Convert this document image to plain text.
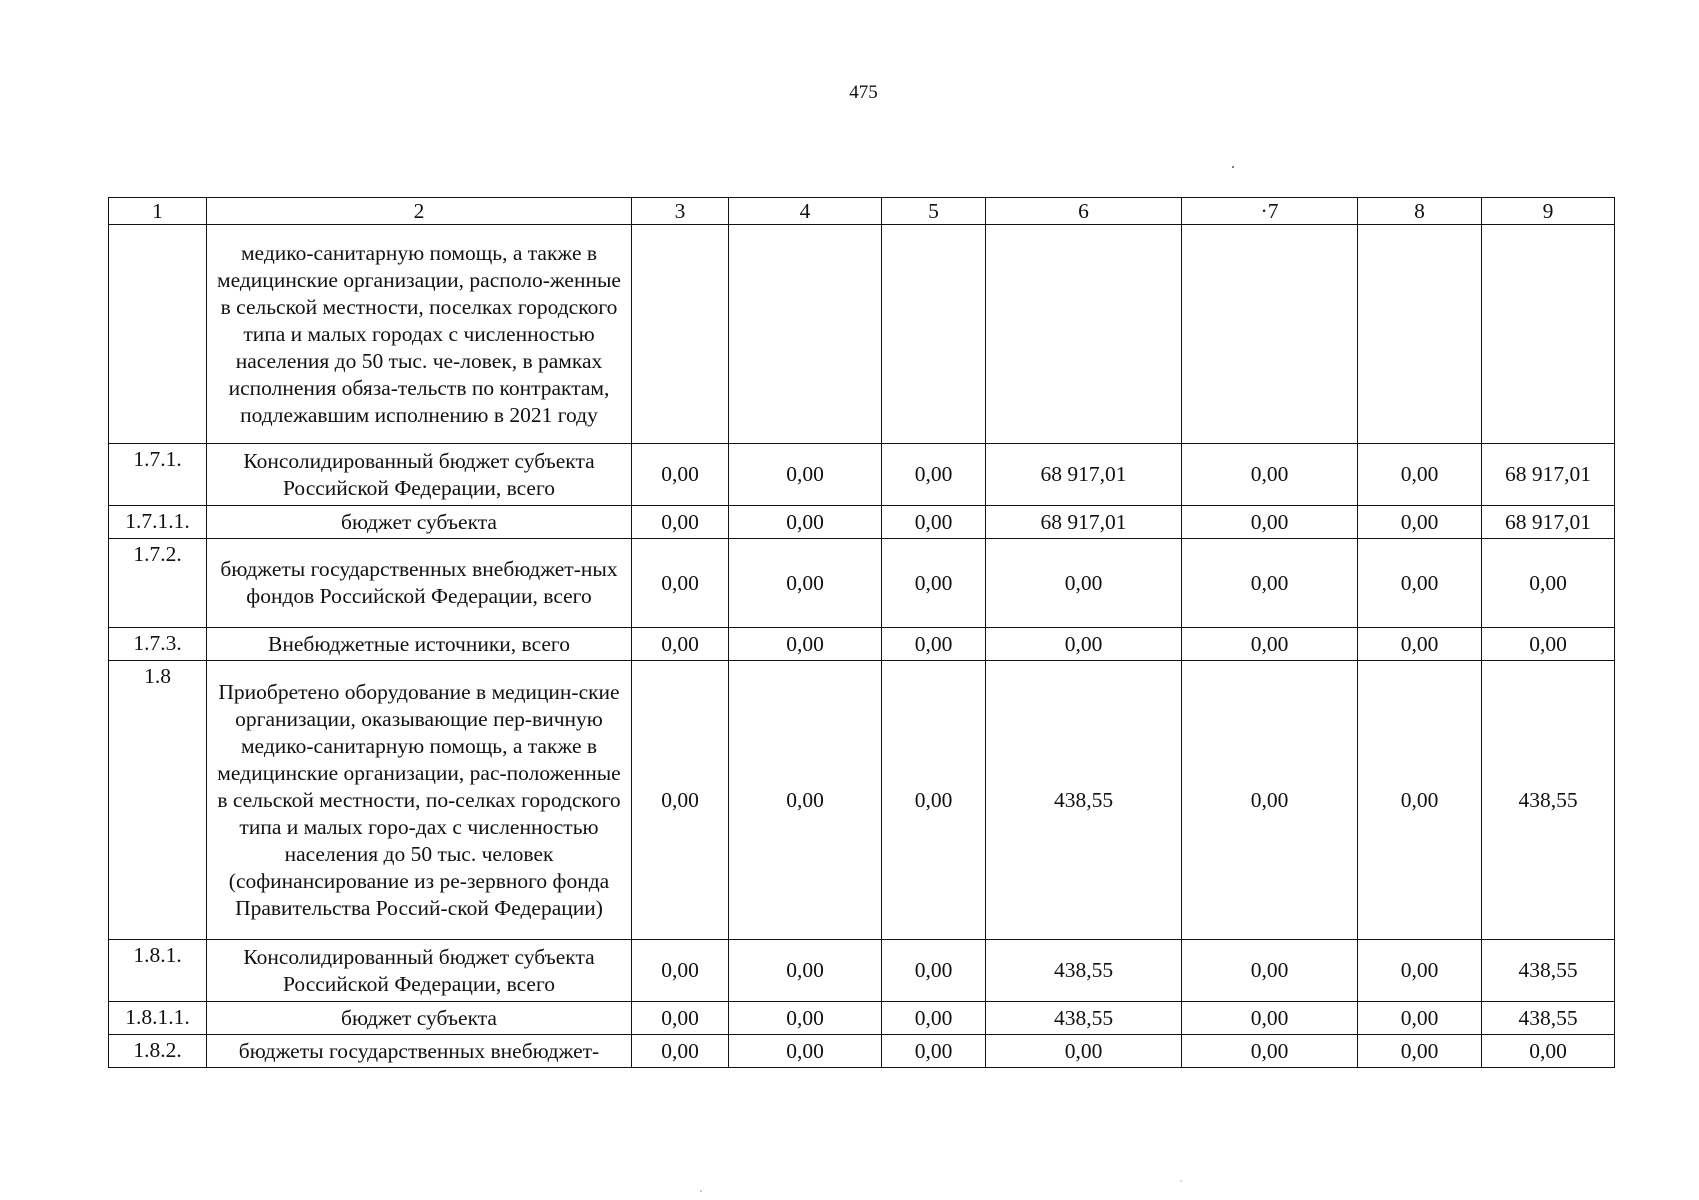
475
1	2	3	4	5	6	·7	8	9
	медико-санитарную помощь, а также в медицинские организации, располо-женные в сельской местности, поселках городского типа и малых городах с численностью населения до 50 тыс. че-ловек, в рамках исполнения обяза-тельств по контрактам, подлежавшим исполнению в 2021 году							
1.7.1.	Консолидированный бюджет субъекта Российской Федерации, всего	0,00	0,00	0,00	68 917,01	0,00	0,00	68 917,01
1.7.1.1.	бюджет субъекта	0,00	0,00	0,00	68 917,01	0,00	0,00	68 917,01
1.7.2.	бюджеты государственных внебюджет-ных фондов Российской Федерации, всего	0,00	0,00	0,00	0,00	0,00	0,00	0,00
1.7.3.	Внебюджетные источники, всего	0,00	0,00	0,00	0,00	0,00	0,00	0,00
1.8	Приобретено оборудование в медицин-ские организации, оказывающие пер-вичную медико-санитарную помощь, а также в медицинские организации, рас-положенные в сельской местности, по-селках городского типа и малых горо-дах с численностью населения до 50 тыс. человек (софинансирование из ре-зервного фонда Правительства Россий-ской Федерации)	0,00	0,00	0,00	438,55	0,00	0,00	438,55
1.8.1.	Консолидированный бюджет субъекта Российской Федерации, всего	0,00	0,00	0,00	438,55	0,00	0,00	438,55
1.8.1.1.	бюджет субъекта	0,00	0,00	0,00	438,55	0,00	0,00	438,55
1.8.2.	бюджеты государственных внебюджет-	0,00	0,00	0,00	0,00	0,00	0,00	0,00
